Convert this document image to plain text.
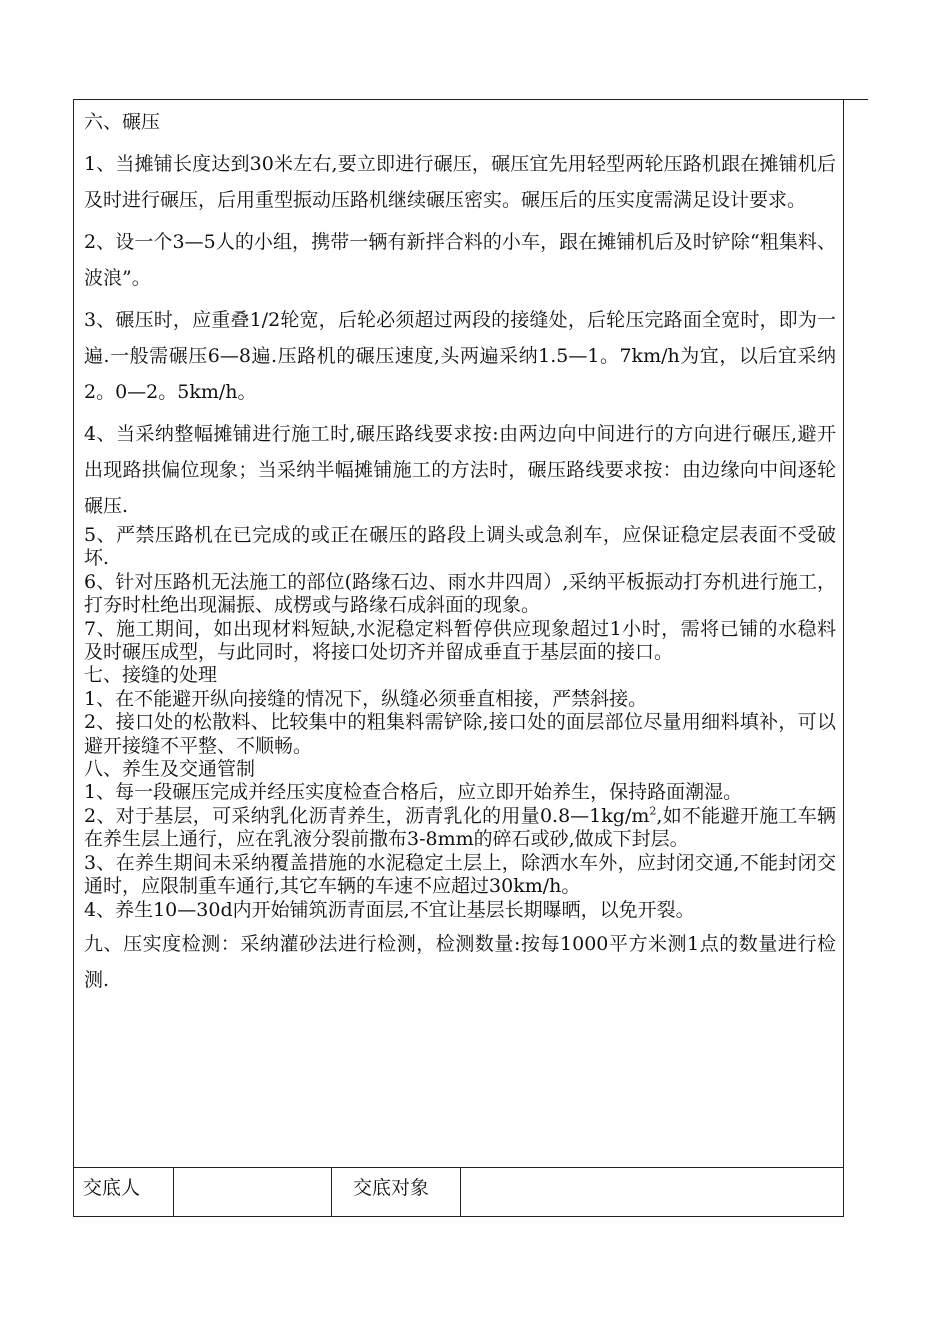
六、碾压

1、当摊铺长度达到30米左右,要立即进行碾压，碾压宜先用轻型两轮压路机跟在摊铺机后及时进行碾压，后用重型振动压路机继续碾压密实。碾压后的压实度需满足设计要求。

2、设一个3—5人的小组，携带一辆有新拌合料的小车，跟在摊铺机后及时铲除“粗集料、波浪”。

3、碾压时，应重叠1/2轮宽，后轮必须超过两段的接缝处，后轮压完路面全宽时，即为一遍.一般需碾压6—8遍.压路机的碾压速度,头两遍采纳1.5—1。7km/h为宜，以后宜采纳2。0—2。5km/h。

4、当采纳整幅摊铺进行施工时,碾压路线要求按:由两边向中间进行的方向进行碾压,避开出现路拱偏位现象；当采纳半幅摊铺施工的方法时，碾压路线要求按：由边缘向中间逐轮碾压.

5、严禁压路机在已完成的或正在碾压的路段上调头或急刹车，应保证稳定层表面不受破坏.

6、针对压路机无法施工的部位(路缘石边、雨水井四周）,采纳平板振动打夯机进行施工，打夯时杜绝出现漏振、成楞或与路缘石成斜面的现象。

7、施工期间，如出现材料短缺,水泥稳定料暂停供应现象超过1小时，需将已铺的水稳料及时碾压成型，与此同时，将接口处切齐并留成垂直于基层面的接口。

七、接缝的处理

1、在不能避开纵向接缝的情况下，纵缝必须垂直相接，严禁斜接。

2、接口处的松散料、比较集中的粗集料需铲除,接口处的面层部位尽量用细料填补，可以避开接缝不平整、不顺畅。

八、养生及交通管制

1、每一段碾压完成并经压实度检查合格后，应立即开始养生，保持路面潮湿。

2、对于基层，可采纳乳化沥青养生，沥青乳化的用量$0.8—1kg/m^2$,如不能避开施工车辆在养生层上通行，应在乳液分裂前撒布3-8mm的碎石或砂,做成下封层。

3、在养生期间未采纳覆盖措施的水泥稳定土层上，除洒水车外，应封闭交通,不能封闭交通时，应限制重车通行,其它车辆的车速不应超过30km/h。

4、养生10—30d内开始铺筑沥青面层,不宜让基层长期曝晒，以免开裂。

九、压实度检测：采纳灌砂法进行检测，检测数量:按每1000平方米测1点的数量进行检测.

交底人	交底对象
